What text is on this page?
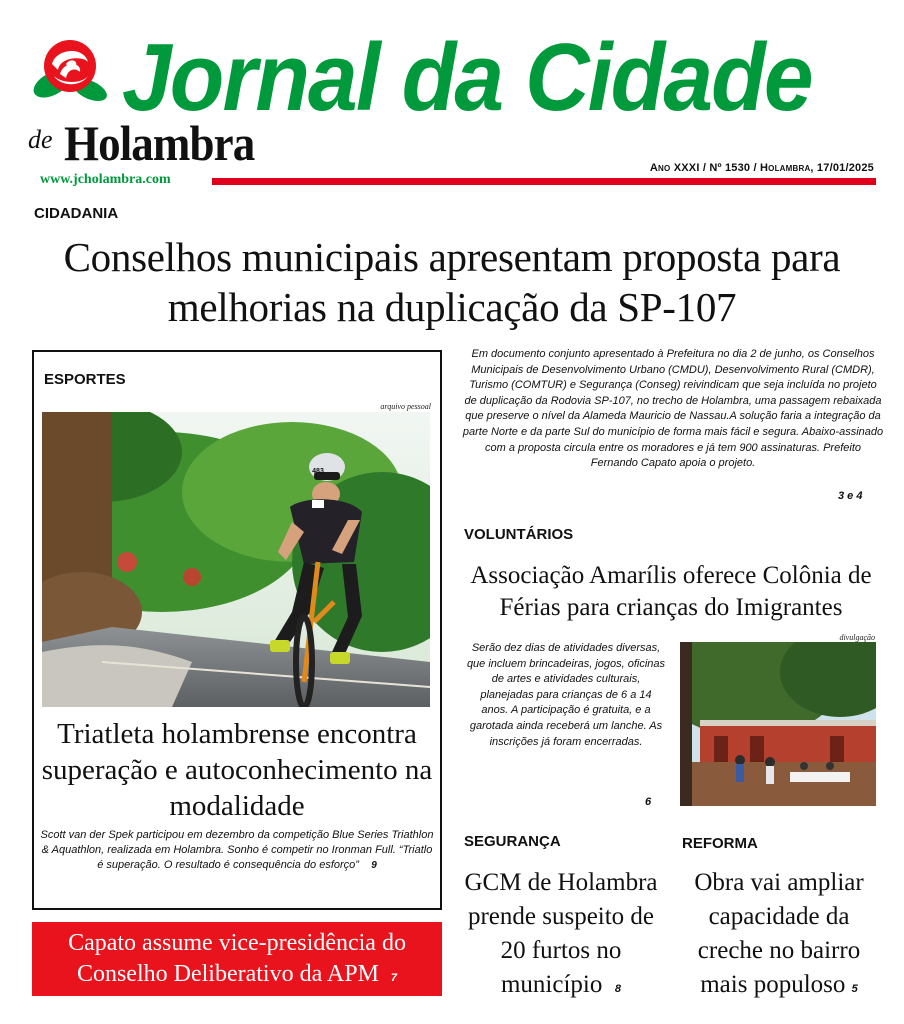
Jornal da Cidade
de Holambra
www.jcholambra.com
Ano XXXI / Nº 1530 / Holambra, 17/01/2025
CIDADANIA
Conselhos municipais apresentam proposta para melhorias na duplicação da SP-107
ESPORTES
arquivo pessoal
483
Triatleta holambrense encontra superação e autoconhecimento na modalidade
Scott van der Spek participou em dezembro da competição Blue Series Triathlon & Aquathlon, realizada em Holambra. Sonho é competir no Ironman Full. “Triatlo é superação. O resultado é consequência do esforço” 9
Em documento conjunto apresentado à Prefeitura no dia 2 de junho, os Conselhos Municipais de Desenvolvimento Urbano (CMDU), Desenvolvimento Rural (CMDR), Turismo (COMTUR) e Segurança (Conseg) reivindicam que seja incluída no projeto de duplicação da Rodovia SP-107, no trecho de Holambra, uma passagem rebaixada que preserve o nível da Alameda Mauricio de Nassau.A solução faria a integração da parte Norte e da parte Sul do município de forma mais fácil e segura. Abaixo-assinado com a proposta circula entre os moradores e já tem 900 assinaturas. Prefeito Fernando Capato apoia o projeto.
3 e 4
VOLUNTÁRIOS
Associação Amarílis oferece Colônia de Férias para crianças do Imigrantes
Serão dez dias de atividades diversas, que incluem brincadeiras, jogos, oficinas de artes e atividades culturais, planejadas para crianças de 6 a 14 anos. A participação é gratuita, e a garotada ainda receberá um lanche. As inscrições já foram encerradas.
6
divulgação
SEGURANÇA
GCM de Holambra prende suspeito de 20 furtos no município 8
REFORMA
Obra vai ampliar capacidade da creche no bairro mais populoso 5
Capato assume vice-presidência do Conselho Deliberativo da APM 7
